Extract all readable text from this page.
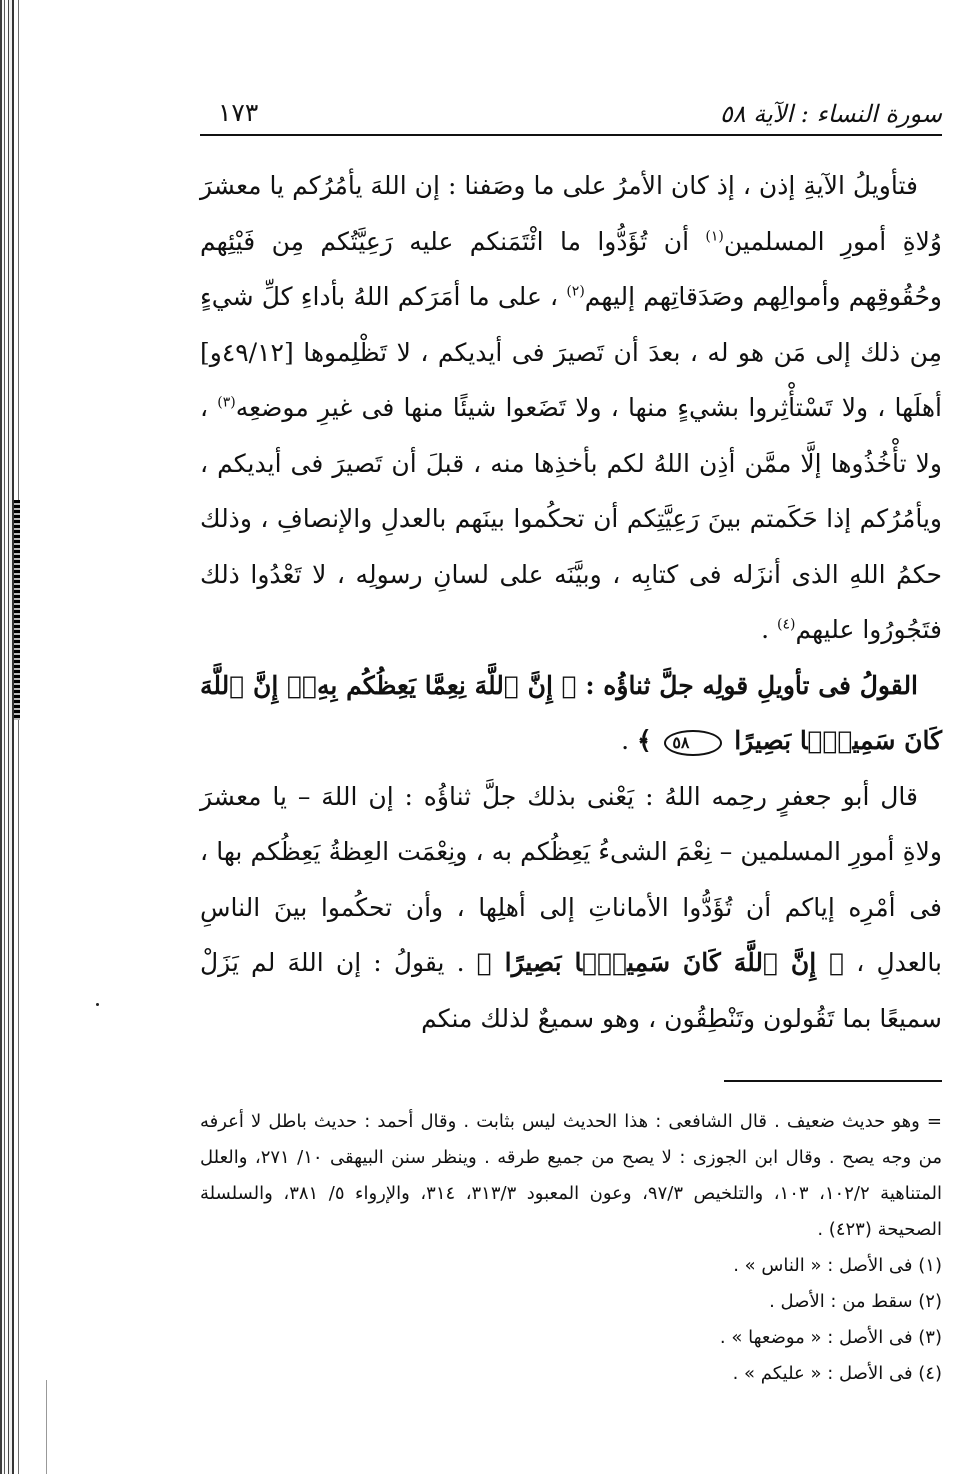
سورة النساء : الآية ٥٨
١٧٣

فتأويلُ الآيةِ إذن ، إذ كان الأمرُ على ما وصَفنا : إن اللهَ يأمُرُكم يا معشرَ وُلاةِ أمورِ المسلمين$^{(١)}$ أن تُؤَدُّوا ما ائْتَمَنكم عليه رَعِيَّتُكم مِن فَيْئِهم وحُقُوقِهم وأموالِهم وصَدَقاتِهم إليهم$^{(٢)}$ ، على ما أمَرَكم اللهُ بأداءِ كلِّ شيءٍ مِن ذلك إلى مَن هو له ، بعدَ أن تَصيرَ فى أيديكم ، لا تَظْلِموها [٤٩/١٢و] أهلَها ، ولا تَسْتأْثِروا بشيءٍ منها ، ولا تَضَعوا شيئًا منها فى غيرِ موضعِه$^{(٣)}$ ، ولا تأْخُذُوها إلَّا ممَّن أذِن اللهُ لكم بأخذِها منه ، قبلَ أن تَصيرَ فى أيديكم ، ويأمُرُكم إذا حَكَمتم بينَ رَعِيَّتِكم أن تحكُموا بينَهم بالعدلِ والإنصافِ ، وذلك حكمُ اللهِ الذى أنزَله فى كتابِه ، وبيَّنَه على لسانِ رسولِه ، لا تَعْدُوا ذلك فتَجُورُوا عليهم$^{(٤)}$ .

القولُ فى تأويلِ قولِه جلَّ ثناؤُه : ﴿ إِنَّ ٱللَّهَ نِعِمَّا يَعِظُكُم بِهِۦٓ إِنَّ ٱللَّهَ كَانَ سَمِيعًۢا بَصِيرًا ٥٨ ﴾ .

قال أبو جعفرٍ رحِمه اللهُ : يَعْنى بذلك جلَّ ثناؤُه : إن اللهَ – يا معشرَ ولاةِ أمورِ المسلمين – نِعْمَ الشىءُ يَعِظُكم به ، ونِعْمَت العِظةُ يَعِظُكم بها ، فى أمْرِه إياكم أن تُؤَدُّوا الأماناتِ إلى أهلِها ، وأن تحكُموا بينَ الناسِ بالعدلِ ، ﴿ إِنَّ ٱللَّهَ كَانَ سَمِيعًۢا بَصِيرًا ﴾ . يقولُ : إن اللهَ لم يَزَلْ سميعًا بما تَقُولون وتَنْطِقُون ، وهو سميعٌ لذلك منكم

= وهو حديث ضعيف . قال الشافعى : هذا الحديث ليس بثابت . وقال أحمد : حديث باطل لا أعرفه من وجه يصح . وقال ابن الجوزى : لا يصح من جميع طرقه . وينظر سنن البيهقى ١٠/ ٢٧١، والعلل المتناهية ١٠٢/٢، ١٠٣، والتلخيص ٩٧/٣، وعون المعبود ٣١٣/٣، ٣١٤، والإرواء ٥/ ٣٨١، والسلسلة الصحيحة (٤٢٣) .
(١) فى الأصل : « الناس » .
(٢) سقط من : الأصل .
(٣) فى الأصل : « موضعها » .
(٤) فى الأصل : « عليكم » .
